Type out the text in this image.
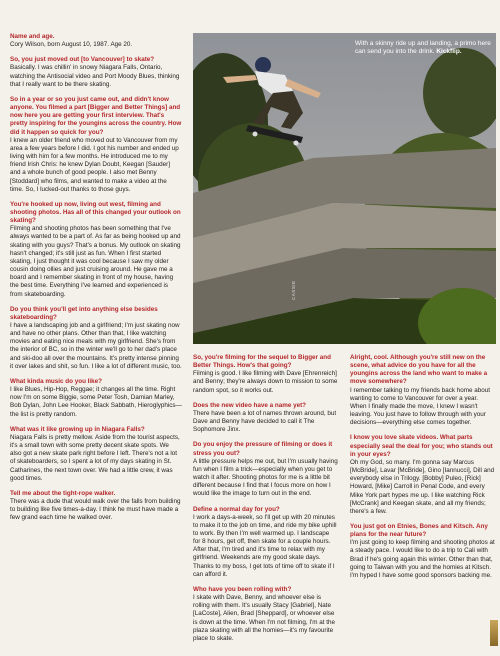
Name and age.
Cory Wilson, born August 10, 1987. Age 20.

So, you just moved out [to Vancouver] to skate?
Basically. I was chillin' in snowy Niagara Falls, Ontario, watching the Antisocial video and Port Moody Blues, thinking that I really want to be there skating.

So in a year or so you just came out, and didn't know anyone. You filmed a part [Bigger and Better Things] and now here you are getting your first interview. That's pretty inspiring for the youngins across the country. How did it happen so quick for you?
I knew an older friend who moved out to Vancouver from my area a few years before I did. I got his number and ended up living with him for a few months. He introduced me to my friend Irish Chris: he knew Dylan Doubt, Keegan [Sauder] and a whole bunch of good people. I also met Benny [Stoddard] who films, and wanted to make a video at the time. So, I lucked-out thanks to those guys.

You're hooked up now, living out west, filming and shooting photos. Has all of this changed your outlook on skating?
Filming and shooting photos has been something that I've always wanted to be a part of. As far as being hooked up and skating with you guys? That's a bonus. My outlook on skating hasn't changed; it's still just as fun. When I first started skating, I just thought it was cool because I saw my older cousin doing ollies and just cruising around. He gave me a board and I remember skating in front of my house, having the best time. Everything I've learned and experienced is from skateboarding.

Do you think you'll get into anything else besides skateboarding?
I have a landscaping job and a girlfriend; I'm just skating now and have no other plans. Other than that, I like watching movies and eating nice meals with my girlfriend. She's from the interior of BC, so in the winter we'll go to her dad's place and ski-doo all over the mountains. It's pretty intense pinning it over lakes and shit, so fun. I like a lot of different music, too.

What kinda music do you like?
I like Blues, Hip-Hop, Reggae; it changes all the time. Right now I'm on some Biggie, some Peter Tosh, Damian Marley, Bob Dylan, John Lee Hooker, Black Sabbath, Hieroglyphics—the list is pretty random.

What was it like growing up in Niagara Falls?
Niagara Falls is pretty mellow. Aside from the tourist aspects, it's a small town with some pretty decent skate spots. We also got a new skate park right before I left. There's not a lot of skateboarders, so I spent a lot of my days skating in St. Catharines, the next town over. We had a little crew, it was good times.

Tell me about the tight-rope walker.
There was a dude that would walk over the falls from building to building like five times-a-day. I think he must have made a few grand each time he walked over.

With a skinny ride up and landing, a primo here can send you into the drink. Kickflip.
CASSIE

So, you're filming for the sequel to Bigger and Better Things. How's that going?
Filming is good. I like filming with Dave [Ehrenreich] and Benny; they're always down to mission to some random spot, so it works out.

Does the new video have a name yet?
There have been a lot of names thrown around, but Dave and Benny have decided to call it The Sophomore Jinx.

Do you enjoy the pressure of filming or does it stress you out?
A little pressure helps me out, but I'm usually having fun when I film a trick—especially when you get to watch it after. Shooting photos for me is a little bit different because I find that I focus more on how I would like the image to turn out in the end.

Define a normal day for you?
I work a days-a-week, so I'll get up with 20 minutes to make it to the job on time, and ride my bike uphill to work. By then I'm well warmed up. I landscape for 8 hours, get off, then skate for a couple hours. After that, I'm tired and it's time to relax with my girlfriend. Weekends are my good skate days. Thanks to my boss, I get lots of time off to skate if I can afford it.

Who have you been rolling with?
I skate with Dave, Benny, and whoever else is rolling with them. It's usually Stacy [Gabriel], Nate [LaCoste], Alien, Brad [Sheppard], or whoever else is down at the time. When I'm not filming, I'm at the plaza skating with all the homies—it's my favourite place to skate.

Alright, cool. Although you're still new on the scene, what advice do you have for all the youngins across the land who want to make a move somewhere?
I remember talking to my friends back home about wanting to come to Vancouver for over a year. When I finally made the move, I knew I wasn't leaving. You just have to follow through with your decisions—everything else comes together.

I know you love skate videos. What parts especially seal the deal for you; who stands out in your eyes?
Oh my God, so many. I'm gonna say Marcus [McBride], Lavar [McBride], Gino [Iannucci], Dill and everybody else in Trilogy. [Bobby] Puleo, [Rick] Howard, [Mike] Carroll in Penal Code, and every Mike York part hypes me up. I like watching Rick [McCrank] and Keegan skate, and all my friends; there's a few.

You just got on Etnies, Bones and Kitsch. Any plans for the near future?
I'm just going to keep filming and shooting photos at a steady pace. I would like to do a trip to Cali with Brad if he's going again this winter. Other than that, going to Taiwan with you and the homies at Kitsch. I'm hyped I have some good sponsors backing me.
